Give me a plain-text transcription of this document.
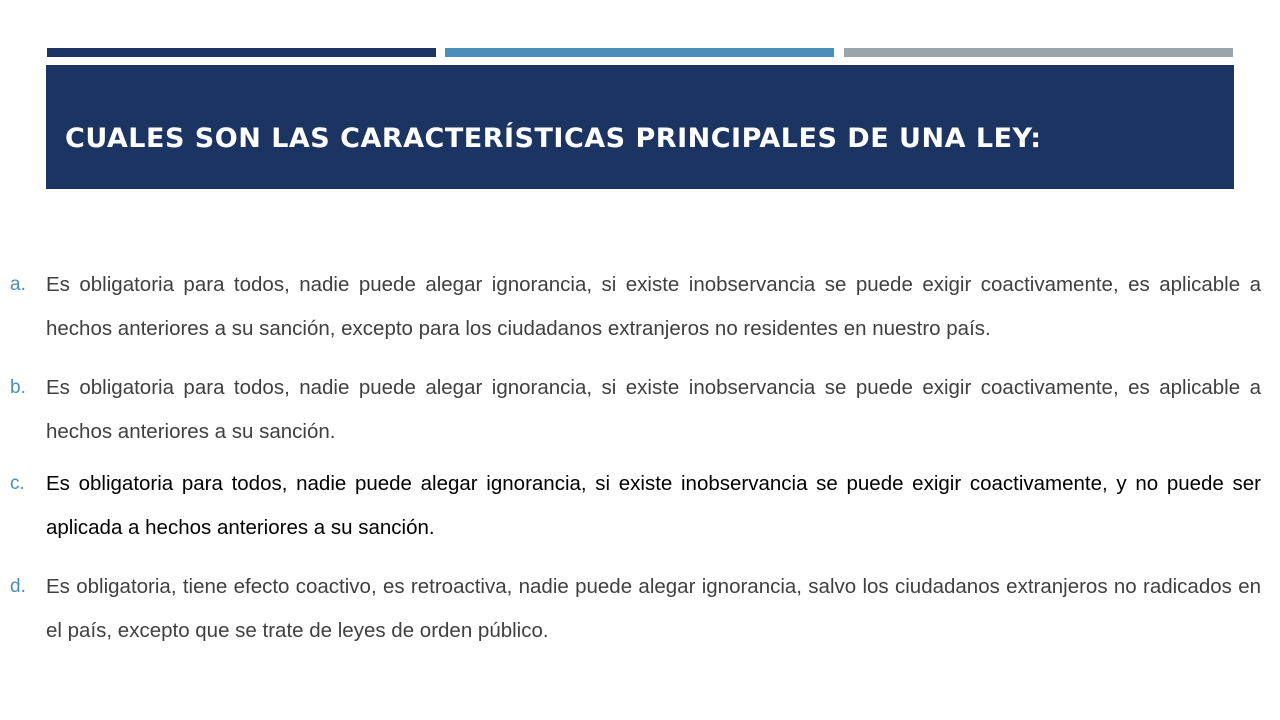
CUALES SON LAS CARACTERÍSTICAS PRINCIPALES DE UNA LEY:
a. Es obligatoria para todos, nadie puede alegar ignorancia, si existe inobservancia se puede exigir coactivamente, es aplicable a hechos anteriores a su sanción, excepto para los ciudadanos extranjeros no residentes en nuestro país.
b. Es obligatoria para todos, nadie puede alegar ignorancia, si existe inobservancia se puede exigir coactivamente, es aplicable a hechos anteriores a su sanción.
c. Es obligatoria para todos, nadie puede alegar ignorancia, si existe inobservancia se puede exigir coactivamente, y no puede ser aplicada a hechos anteriores a su sanción.
d. Es obligatoria, tiene efecto coactivo, es retroactiva, nadie puede alegar ignorancia, salvo los ciudadanos extranjeros no radicados en el país, excepto que se trate de leyes de orden público.
